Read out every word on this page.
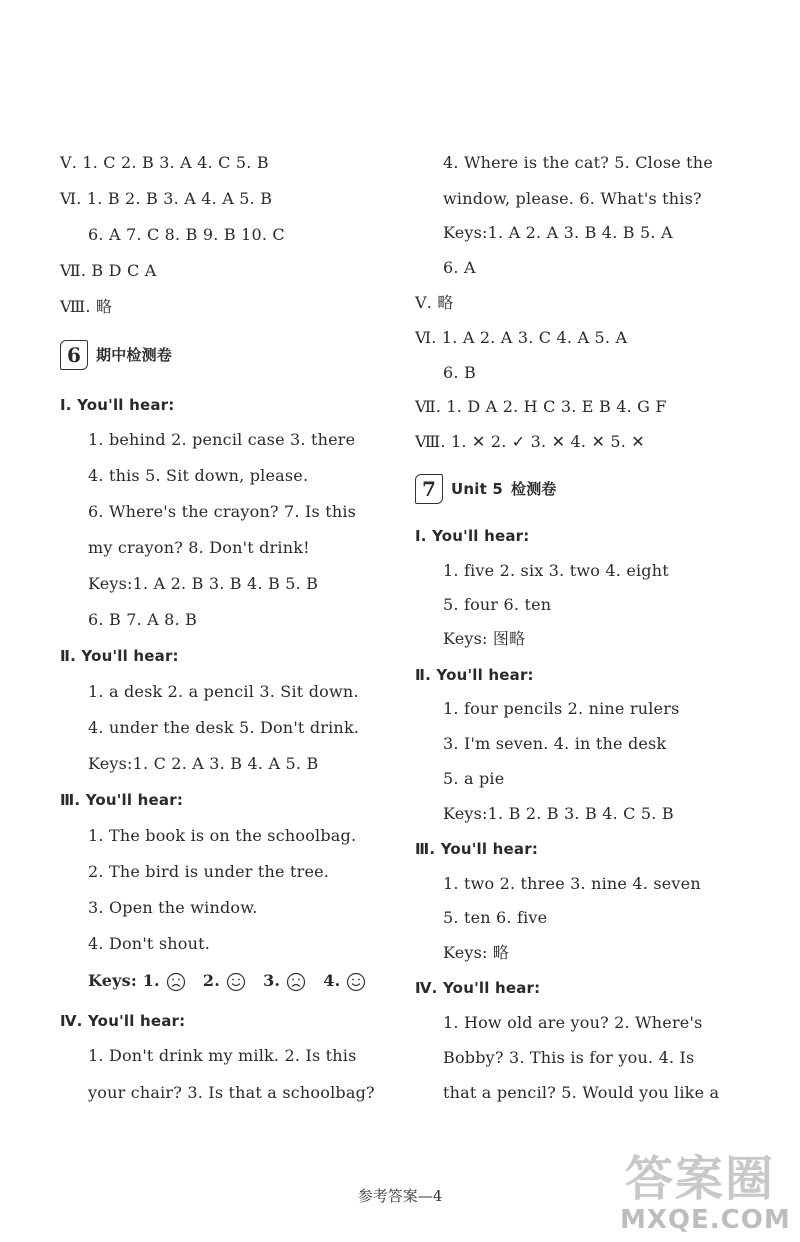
Ⅴ. 1. C 2. B 3. A 4. C 5. B
Ⅵ. 1. B 2. B 3. A 4. A 5. B
6. A 7. C 8. B 9. B 10. C
Ⅶ. B D C A
Ⅷ. 略
6 期中检测卷
Ⅰ. You'll hear:
1. behind 2. pencil case 3. there
4. this 5. Sit down, please.
6. Where's the crayon? 7. Is this
my crayon? 8. Don't drink!
Keys:1. A 2. B 3. B 4. B 5. B
6. B 7. A 8. B
Ⅱ. You'll hear:
1. a desk 2. a pencil 3. Sit down.
4. under the desk 5. Don't drink.
Keys:1. C 2. A 3. B 4. A 5. B
Ⅲ. You'll hear:
1. The book is on the schoolbag.
2. The bird is under the tree.
3. Open the window.
4. Don't shout.
Keys: 1.    2.    3.    4.
Ⅳ. You'll hear:
1. Don't drink my milk. 2. Is this
your chair? 3. Is that a schoolbag?
4. Where is the cat? 5. Close the
window, please. 6. What's this?
Keys:1. A 2. A 3. B 4. B 5. A
6. A
Ⅴ. 略
Ⅵ. 1. A 2. A 3. C 4. A 5. A
6. B
Ⅶ. 1. D A 2. H C 3. E B 4. G F
Ⅷ. 1. ✕ 2. ✓ 3. ✕ 4. ✕ 5. ✕
7 Unit 5 检测卷
Ⅰ. You'll hear:
1. five 2. six 3. two 4. eight
5. four 6. ten
Keys: 图略
Ⅱ. You'll hear:
1. four pencils 2. nine rulers
3. I'm seven. 4. in the desk
5. a pie
Keys:1. B 2. B 3. B 4. C 5. B
Ⅲ. You'll hear:
1. two 2. three 3. nine 4. seven
5. ten 6. five
Keys: 略
Ⅳ. You'll hear:
1. How old are you? 2. Where's
Bobby? 3. This is for you. 4. Is
that a pencil? 5. Would you like a
参考答案—4	答案圈
MXQE.COM
